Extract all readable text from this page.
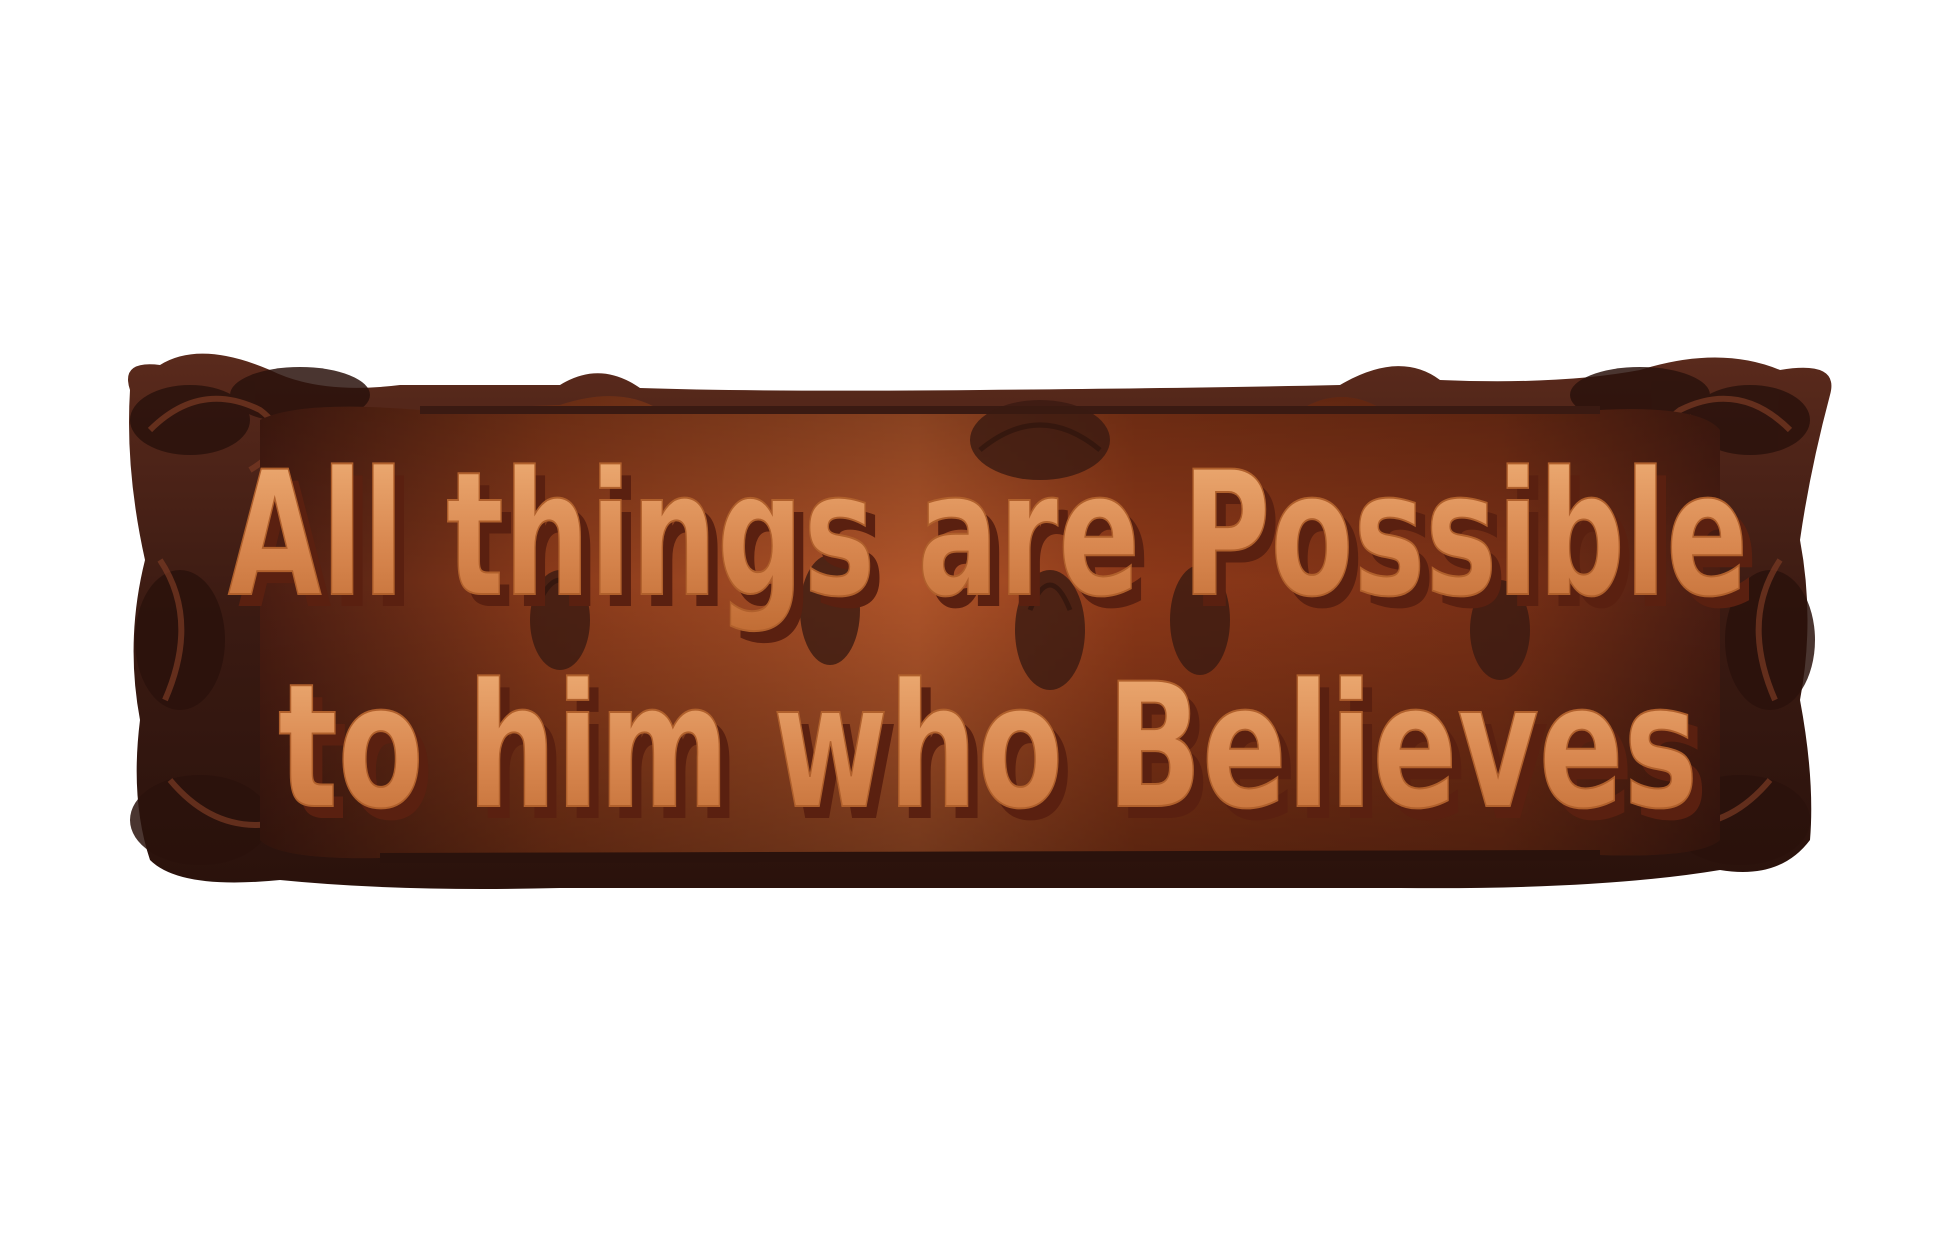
All things are Possible
All things are Possible
to him who Believes
to him who Believes
